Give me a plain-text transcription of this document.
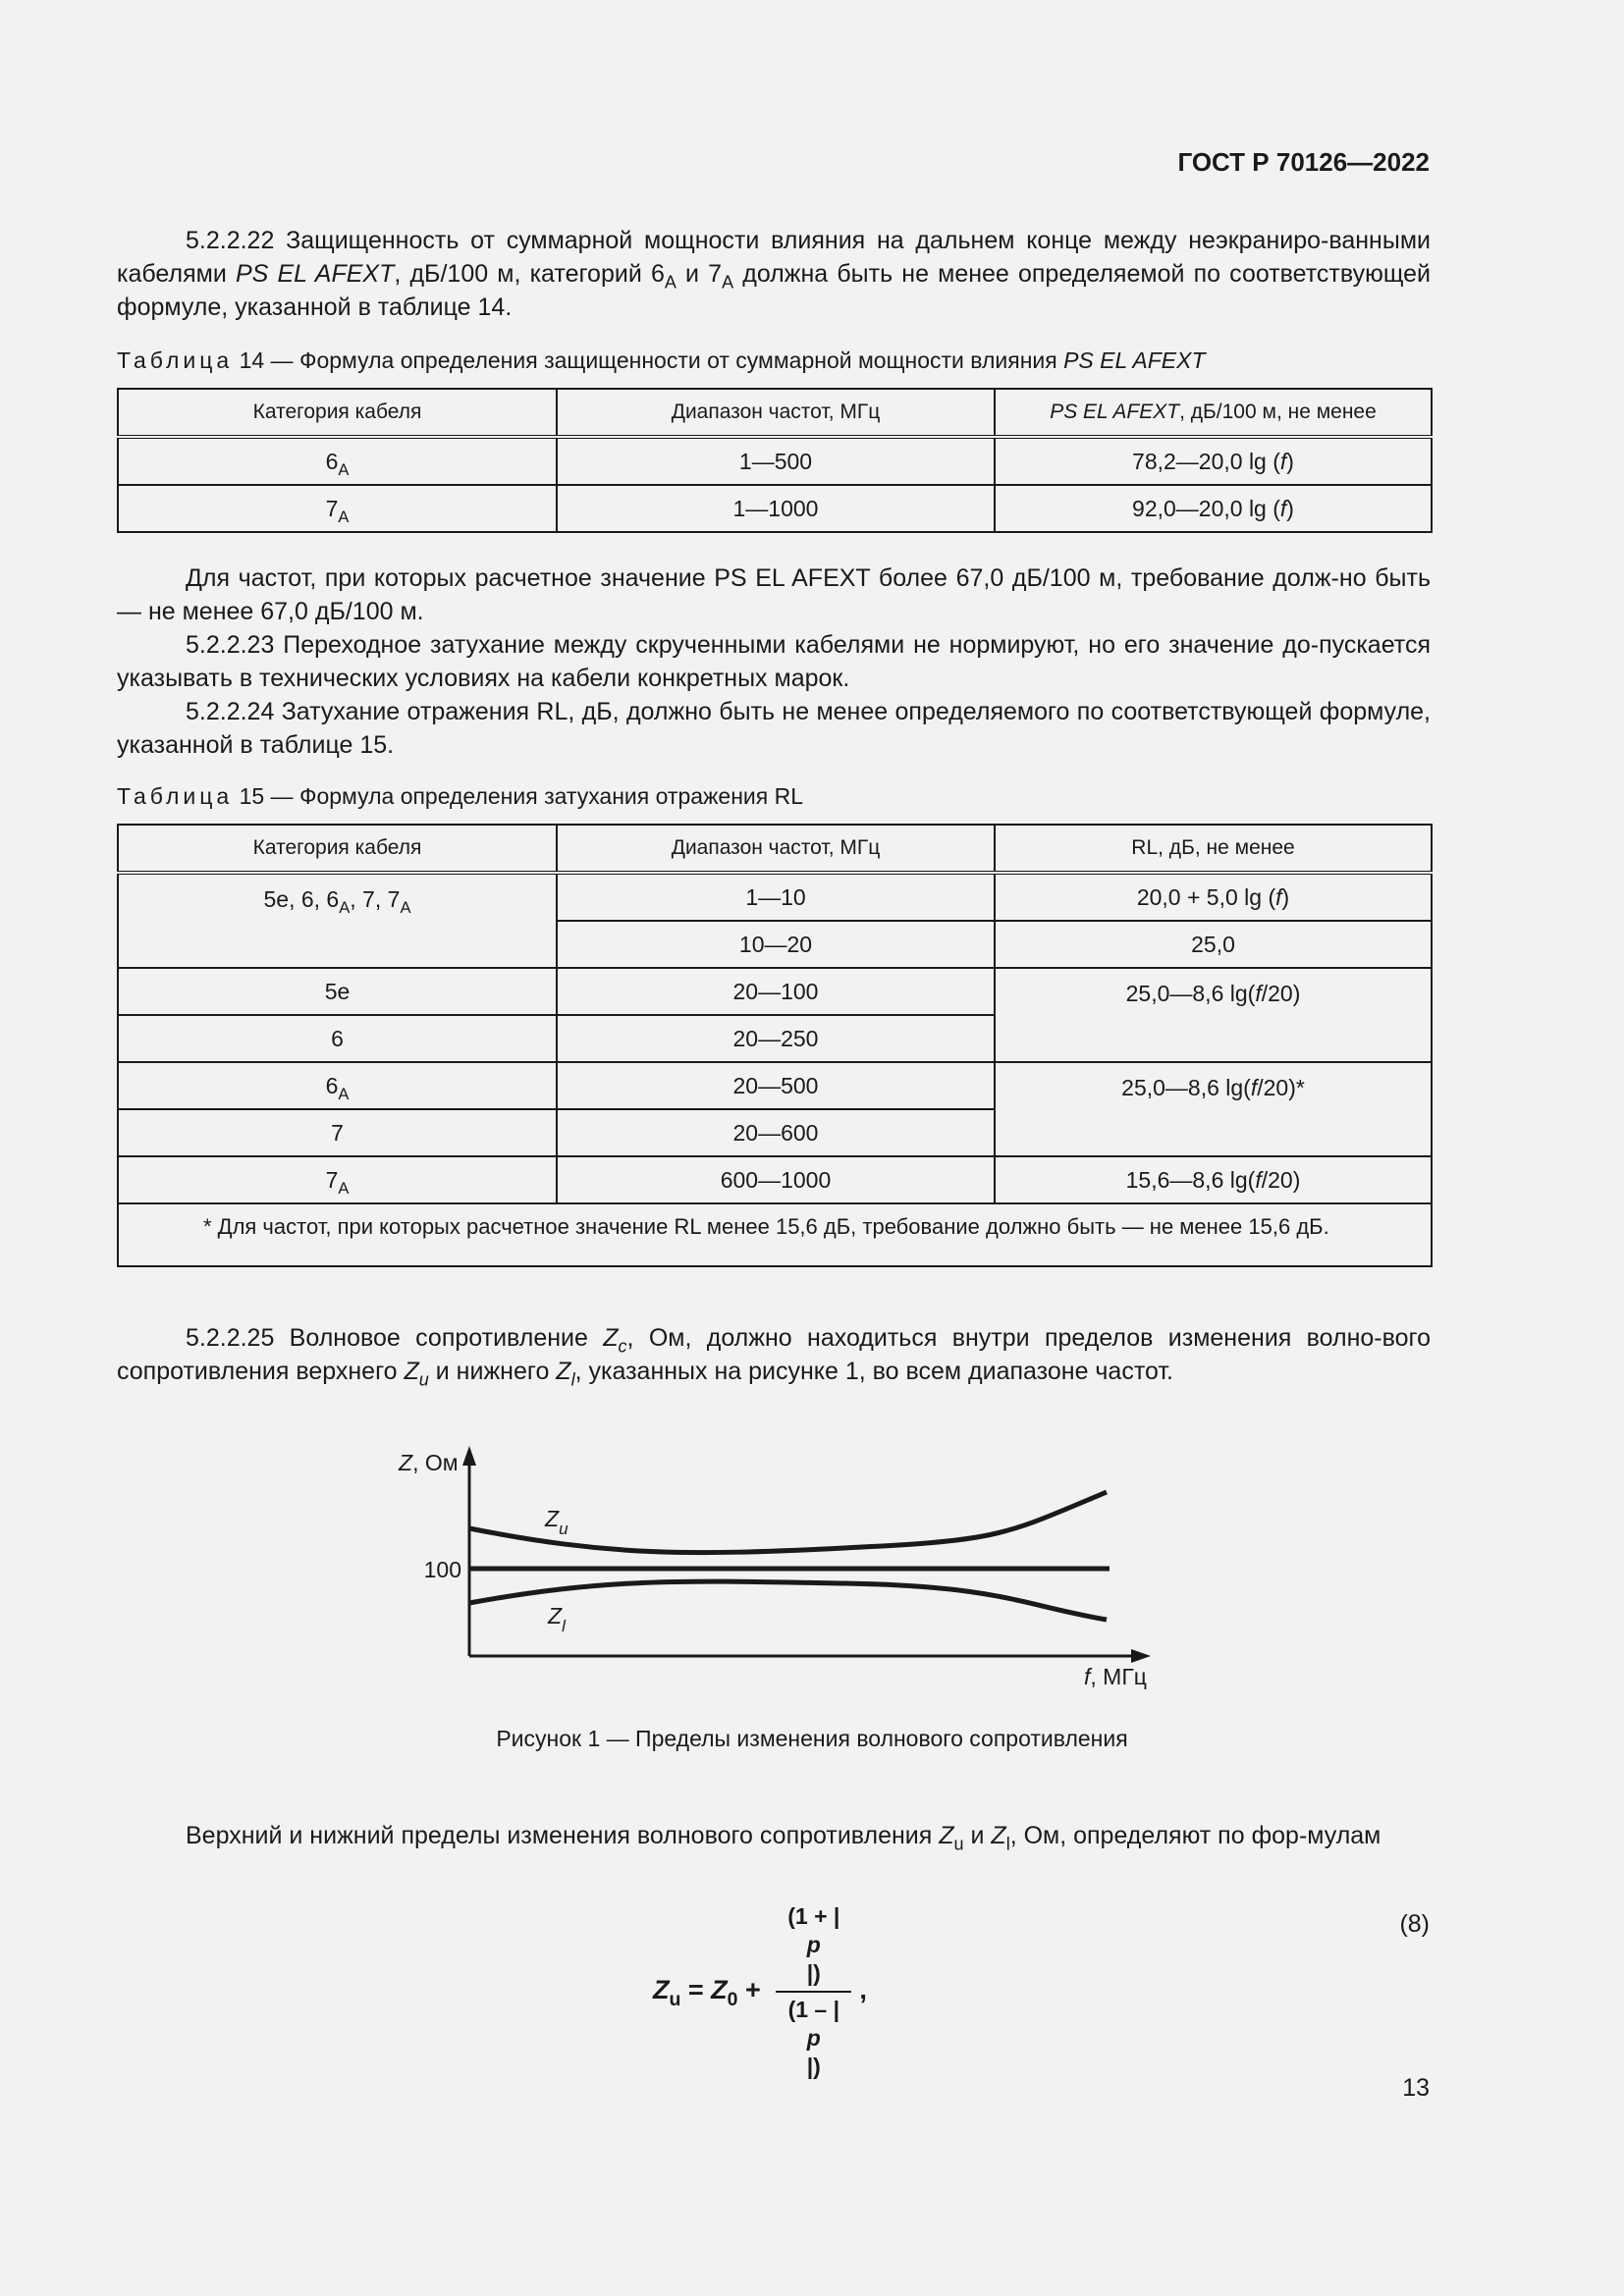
ГОСТ Р 70126—2022

5.2.2.22 Защищенность от суммарной мощности влияния на дальнем конце между неэкраниро-ванными кабелями PS EL AFEXT, дБ/100 м, категорий $6_A$ и $7_A$ должна быть не менее определяемой по соответствующей формуле, указанной в таблице 14.

Таблица 14 — Формула определения защищенности от суммарной мощности влияния PS EL AFEXT
Категория кабеля	Диапазон частот, МГц	PS EL AFEXT, дБ/100 м, не менее
$6_A$	1—500	78,2—20,0 lg (f)
$7_A$	1—1000	92,0—20,0 lg (f)

Для частот, при которых расчетное значение PS EL AFEXT более 67,0 дБ/100 м, требование долж-но быть — не менее 67,0 дБ/100 м.

5.2.2.23 Переходное затухание между скрученными кабелями не нормируют, но его значение до-пускается указывать в технических условиях на кабели конкретных марок.

5.2.2.24 Затухание отражения RL, дБ, должно быть не менее определяемого по соответствующей формуле, указанной в таблице 15.

Таблица 15 — Формула определения затухания отражения RL
Категория кабеля	Диапазон частот, МГц	RL, дБ, не менее
5е, 6, $6_A$, 7, $7_A$	1—10	20,0 + 5,0 lg (f)
	10—20	25,0
5е	20—100	25,0—8,6 lg(f/20)
6	20—250	
$6_A$	20—500	25,0—8,6 lg(f/20)*
7	20—600	
$7_A$	600—1000	15,6—8,6 lg(f/20)

* Для частот, при которых расчетное значение RL менее 15,6 дБ, требование должно быть — не менее 15,6 дБ.		

5.2.2.25 Волновое сопротивление $Z_c$, Ом, должно находиться внутри пределов изменения волно-вого сопротивления верхнего $Z_u$ и нижнего $Z_l$, указанных на рисунке 1, во всем диапазоне частот.

Z, Ом
100
$Z_u$
$Z_l$
f, МГц
Рисунок 1 — Пределы изменения волнового сопротивления

Верхний и нижний пределы изменения волнового сопротивления $Z_u$ и $Z_l$, Ом, определяют по фор-мулам

$Z_u = Z_0 + (1$ + |
p
|)
(1 – |
p
|) ,
(8)
13
